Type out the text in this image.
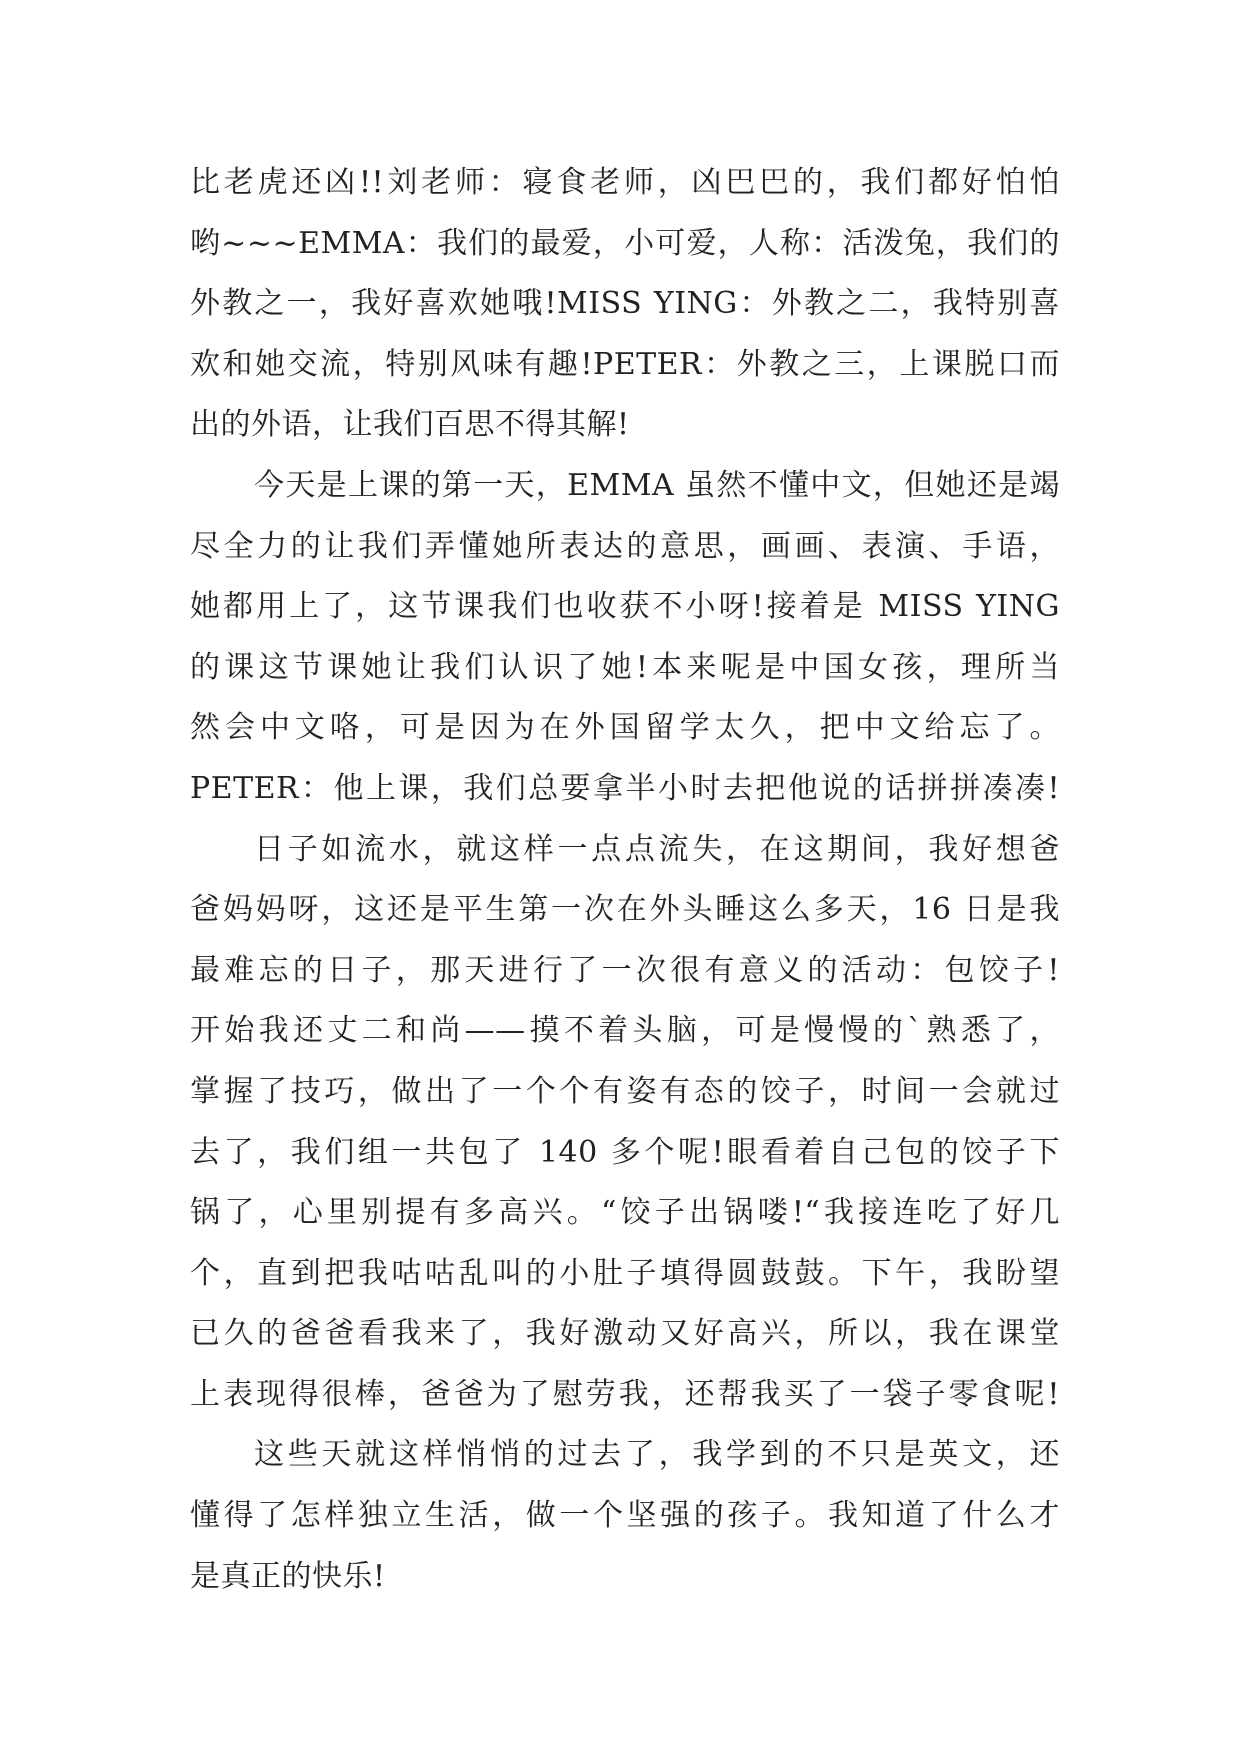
比老虎还凶!!刘老师：寝食老师，凶巴巴的，我们都好怕怕
哟~~~EMMA：我们的最爱，小可爱，人称：活泼兔，我们的
外教之一，我好喜欢她哦!MISS YING：外教之二，我特别喜
欢和她交流，特别风味有趣!PETER：外教之三，上课脱口而
出的外语，让我们百思不得其解!
今天是上课的第一天，EMMA 虽然不懂中文，但她还是竭
尽全力的让我们弄懂她所表达的意思，画画、表演、手语，
她都用上了，这节课我们也收获不小呀!接着是 MISS YING
的课这节课她让我们认识了她!本来呢是中国女孩，理所当
然会中文咯，可是因为在外国留学太久，把中文给忘了。
PETER：他上课，我们总要拿半小时去把他说的话拼拼凑凑!
日子如流水，就这样一点点流失，在这期间，我好想爸
爸妈妈呀，这还是平生第一次在外头睡这么多天，16 日是我
最难忘的日子，那天进行了一次很有意义的活动：包饺子!
开始我还丈二和尚——摸不着头脑，可是慢慢的`熟悉了，
掌握了技巧，做出了一个个有姿有态的饺子，时间一会就过
去了，我们组一共包了 140 多个呢!眼看着自己包的饺子下
锅了，心里别提有多高兴。“饺子出锅喽!“我接连吃了好几
个，直到把我咕咕乱叫的小肚子填得圆鼓鼓。下午，我盼望
已久的爸爸看我来了，我好激动又好高兴，所以，我在课堂
上表现得很棒，爸爸为了慰劳我，还帮我买了一袋子零食呢!
这些天就这样悄悄的过去了，我学到的不只是英文，还
懂得了怎样独立生活，做一个坚强的孩子。我知道了什么才
是真正的快乐!
